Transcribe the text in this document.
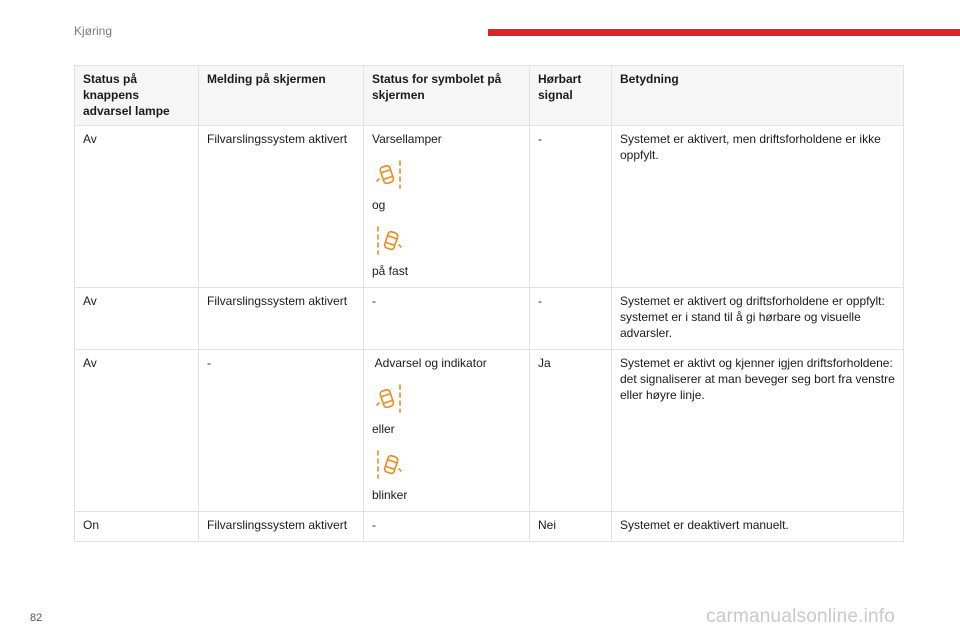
Kjøring
Status på knappens advarsel lampe	Melding på skjermen	Status for symbolet på skjermen	Hørbart signal	Betydning
Av	Filvarslingssystem aktivert	Varsellamper
og
på fast	-	Systemet er aktivert, men driftsforholdene er ikke oppfylt.
Av	Filvarslingssystem aktivert	-	-	Systemet er aktivert og driftsforholdene er oppfylt: systemet er i stand til å gi hørbare og visuelle advarsler.
Av	-	Advarsel og indikator
eller
blinker	Ja	Systemet er aktivt og kjenner igjen driftsforholdene: det signaliserer at man beveger seg bort fra venstre eller høyre linje.
On	Filvarslingssystem aktivert	-	Nei	Systemet er deaktivert manuelt.
82	carmanualsonline.info
